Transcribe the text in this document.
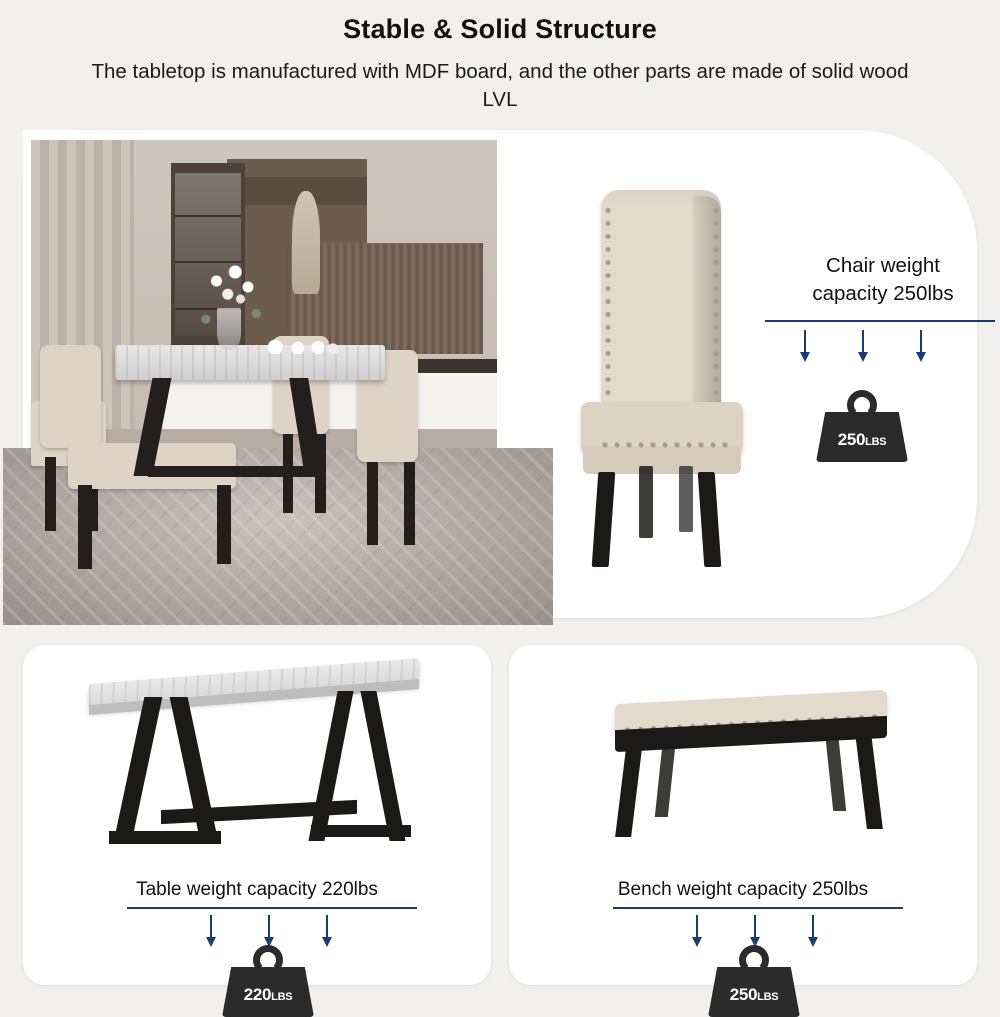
Stable & Solid Structure
The tabletop is manufactured with MDF board, and the other parts are made of solid wood LVL
Chair weight
capacity 250lbs
250LBS
Table weight capacity 220lbs
220LBS
Bench weight capacity 250lbs
250LBS
